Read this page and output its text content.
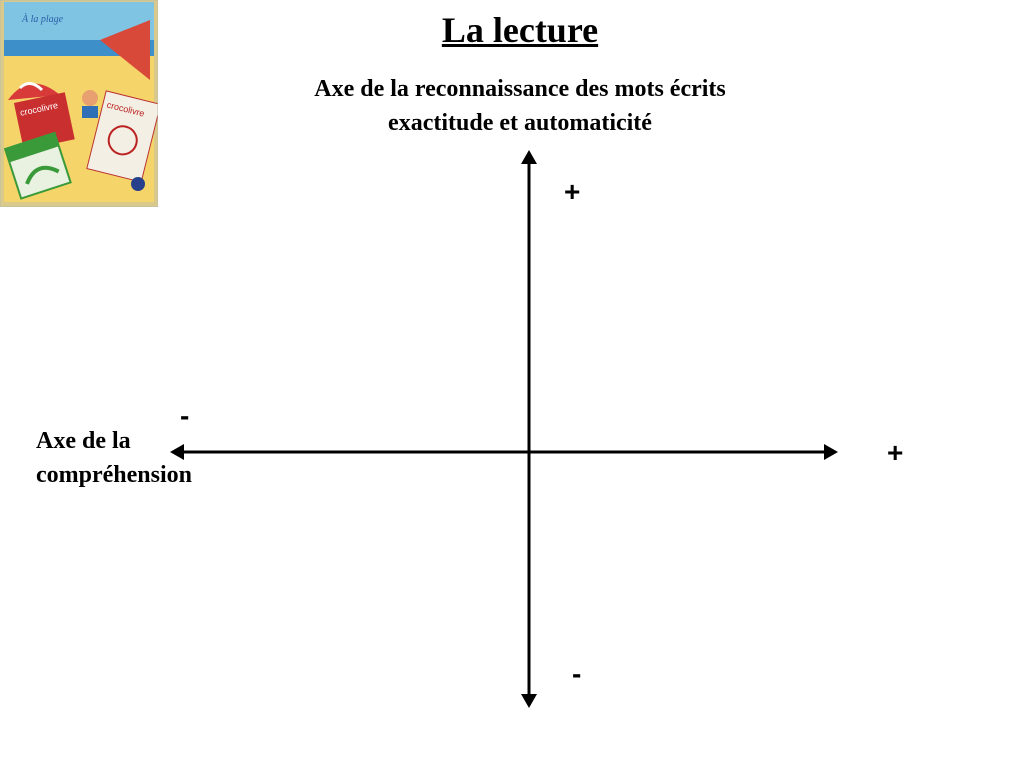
À la plage
crocolivre	crocolivre
La lecture
Axe de la reconnaissance des mots écrits
exactitude et automaticité
+
-
-
+
Axe de la
compréhension
